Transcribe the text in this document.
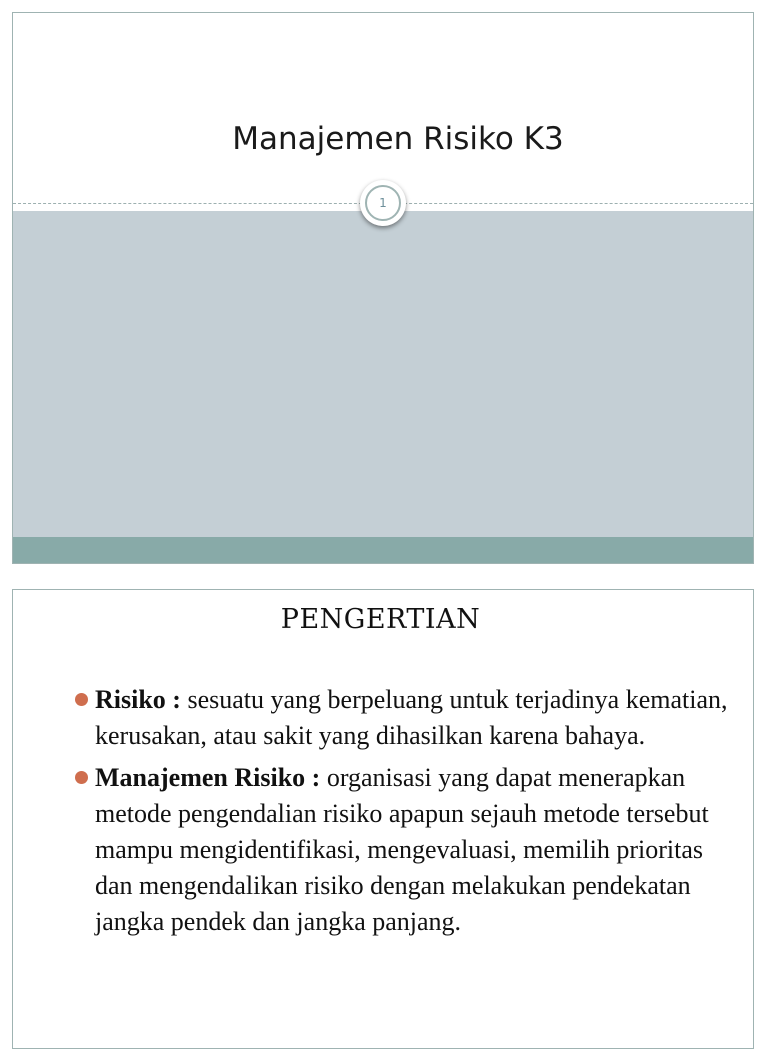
Manajemen Risiko K3
1
PENGERTIAN
Risiko : sesuatu yang berpeluang untuk terjadinya kematian, kerusakan, atau sakit yang dihasilkan karena bahaya.
Manajemen Risiko : organisasi yang dapat menerapkan metode pengendalian risiko apapun sejauh metode tersebut mampu mengidentifikasi, mengevaluasi, memilih prioritas dan mengendalikan risiko dengan melakukan pendekatan jangka pendek dan jangka panjang.
